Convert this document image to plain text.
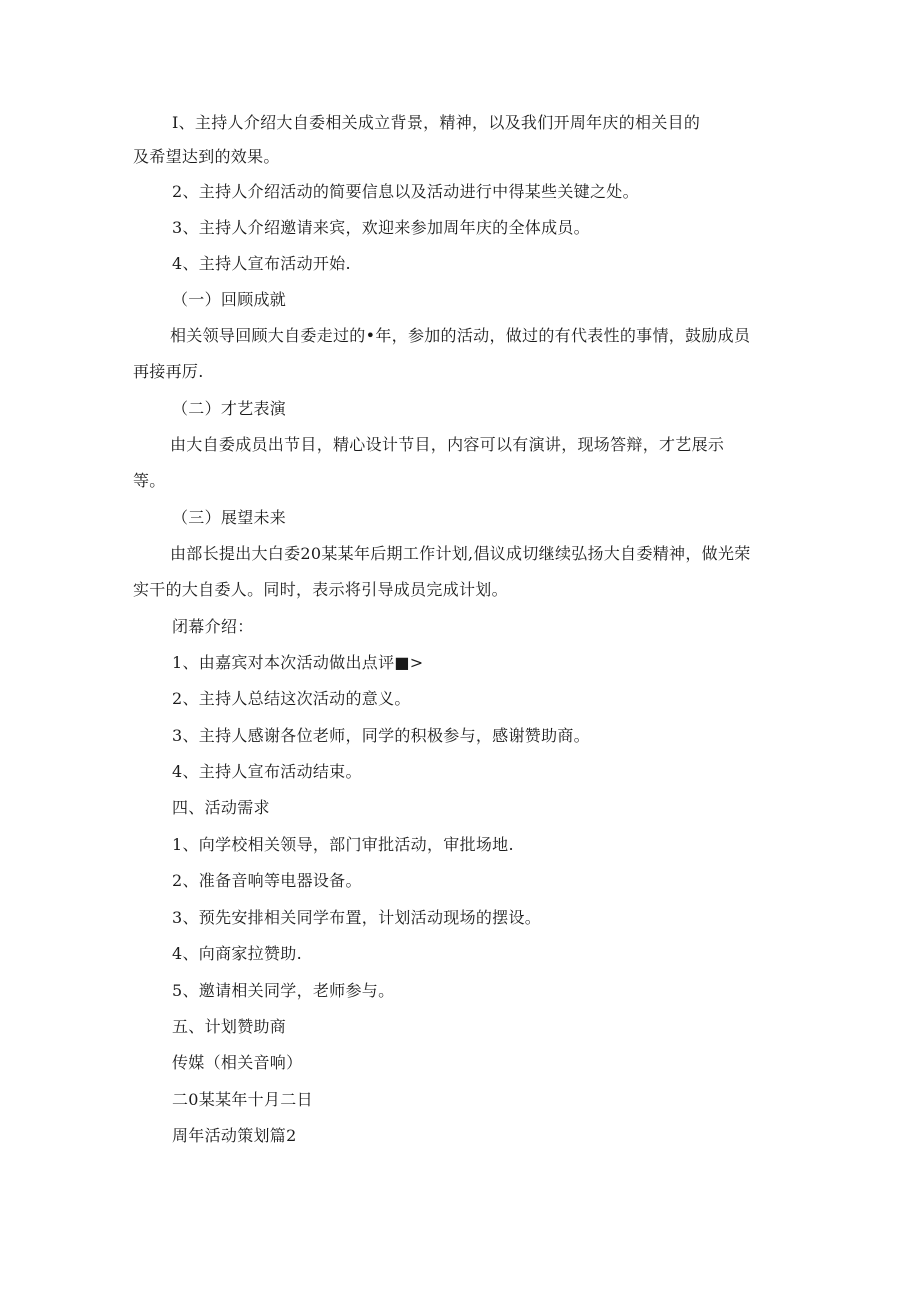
I、主持人介绍大自委相关成立背景，精神，以及我们开周年庆的相关目的
及希望达到的效果。
2、主持人介绍活动的简要信息以及活动进行中得某些关键之处。
3、主持人介绍邀请来宾，欢迎来参加周年庆的全体成员。
4、主持人宣布活动开始.
（一）回顾成就
相关领导回顾大自委走过的•年，参加的活动，做过的有代表性的事情，鼓励成员
再接再厉.
（二）才艺表演
由大自委成员出节目，精心设计节目，内容可以有演讲，现场答辩，才艺展示
等。
（三）展望未来
由部长提出大白委20某某年后期工作计划,倡议成切继续弘扬大自委精神，做光荣
实干的大自委人。同时，表示将引导成员完成计划。
闭幕介绍：
1、由嘉宾对本次活动做出点评■>
2、主持人总结这次活动的意义。
3、主持人感谢各位老师，同学的积极参与，感谢赞助商。
4、主持人宣布活动结束。
四、活动需求
1、向学校相关领导，部门审批活动，审批场地.
2、准备音响等电器设备。
3、预先安排相关同学布置，计划活动现场的摆设。
4、向商家拉赞助.
5、邀请相关同学，老师参与。
五、计划赞助商
传媒（相关音响）
二0某某年十月二日
周年活动策划篇2
